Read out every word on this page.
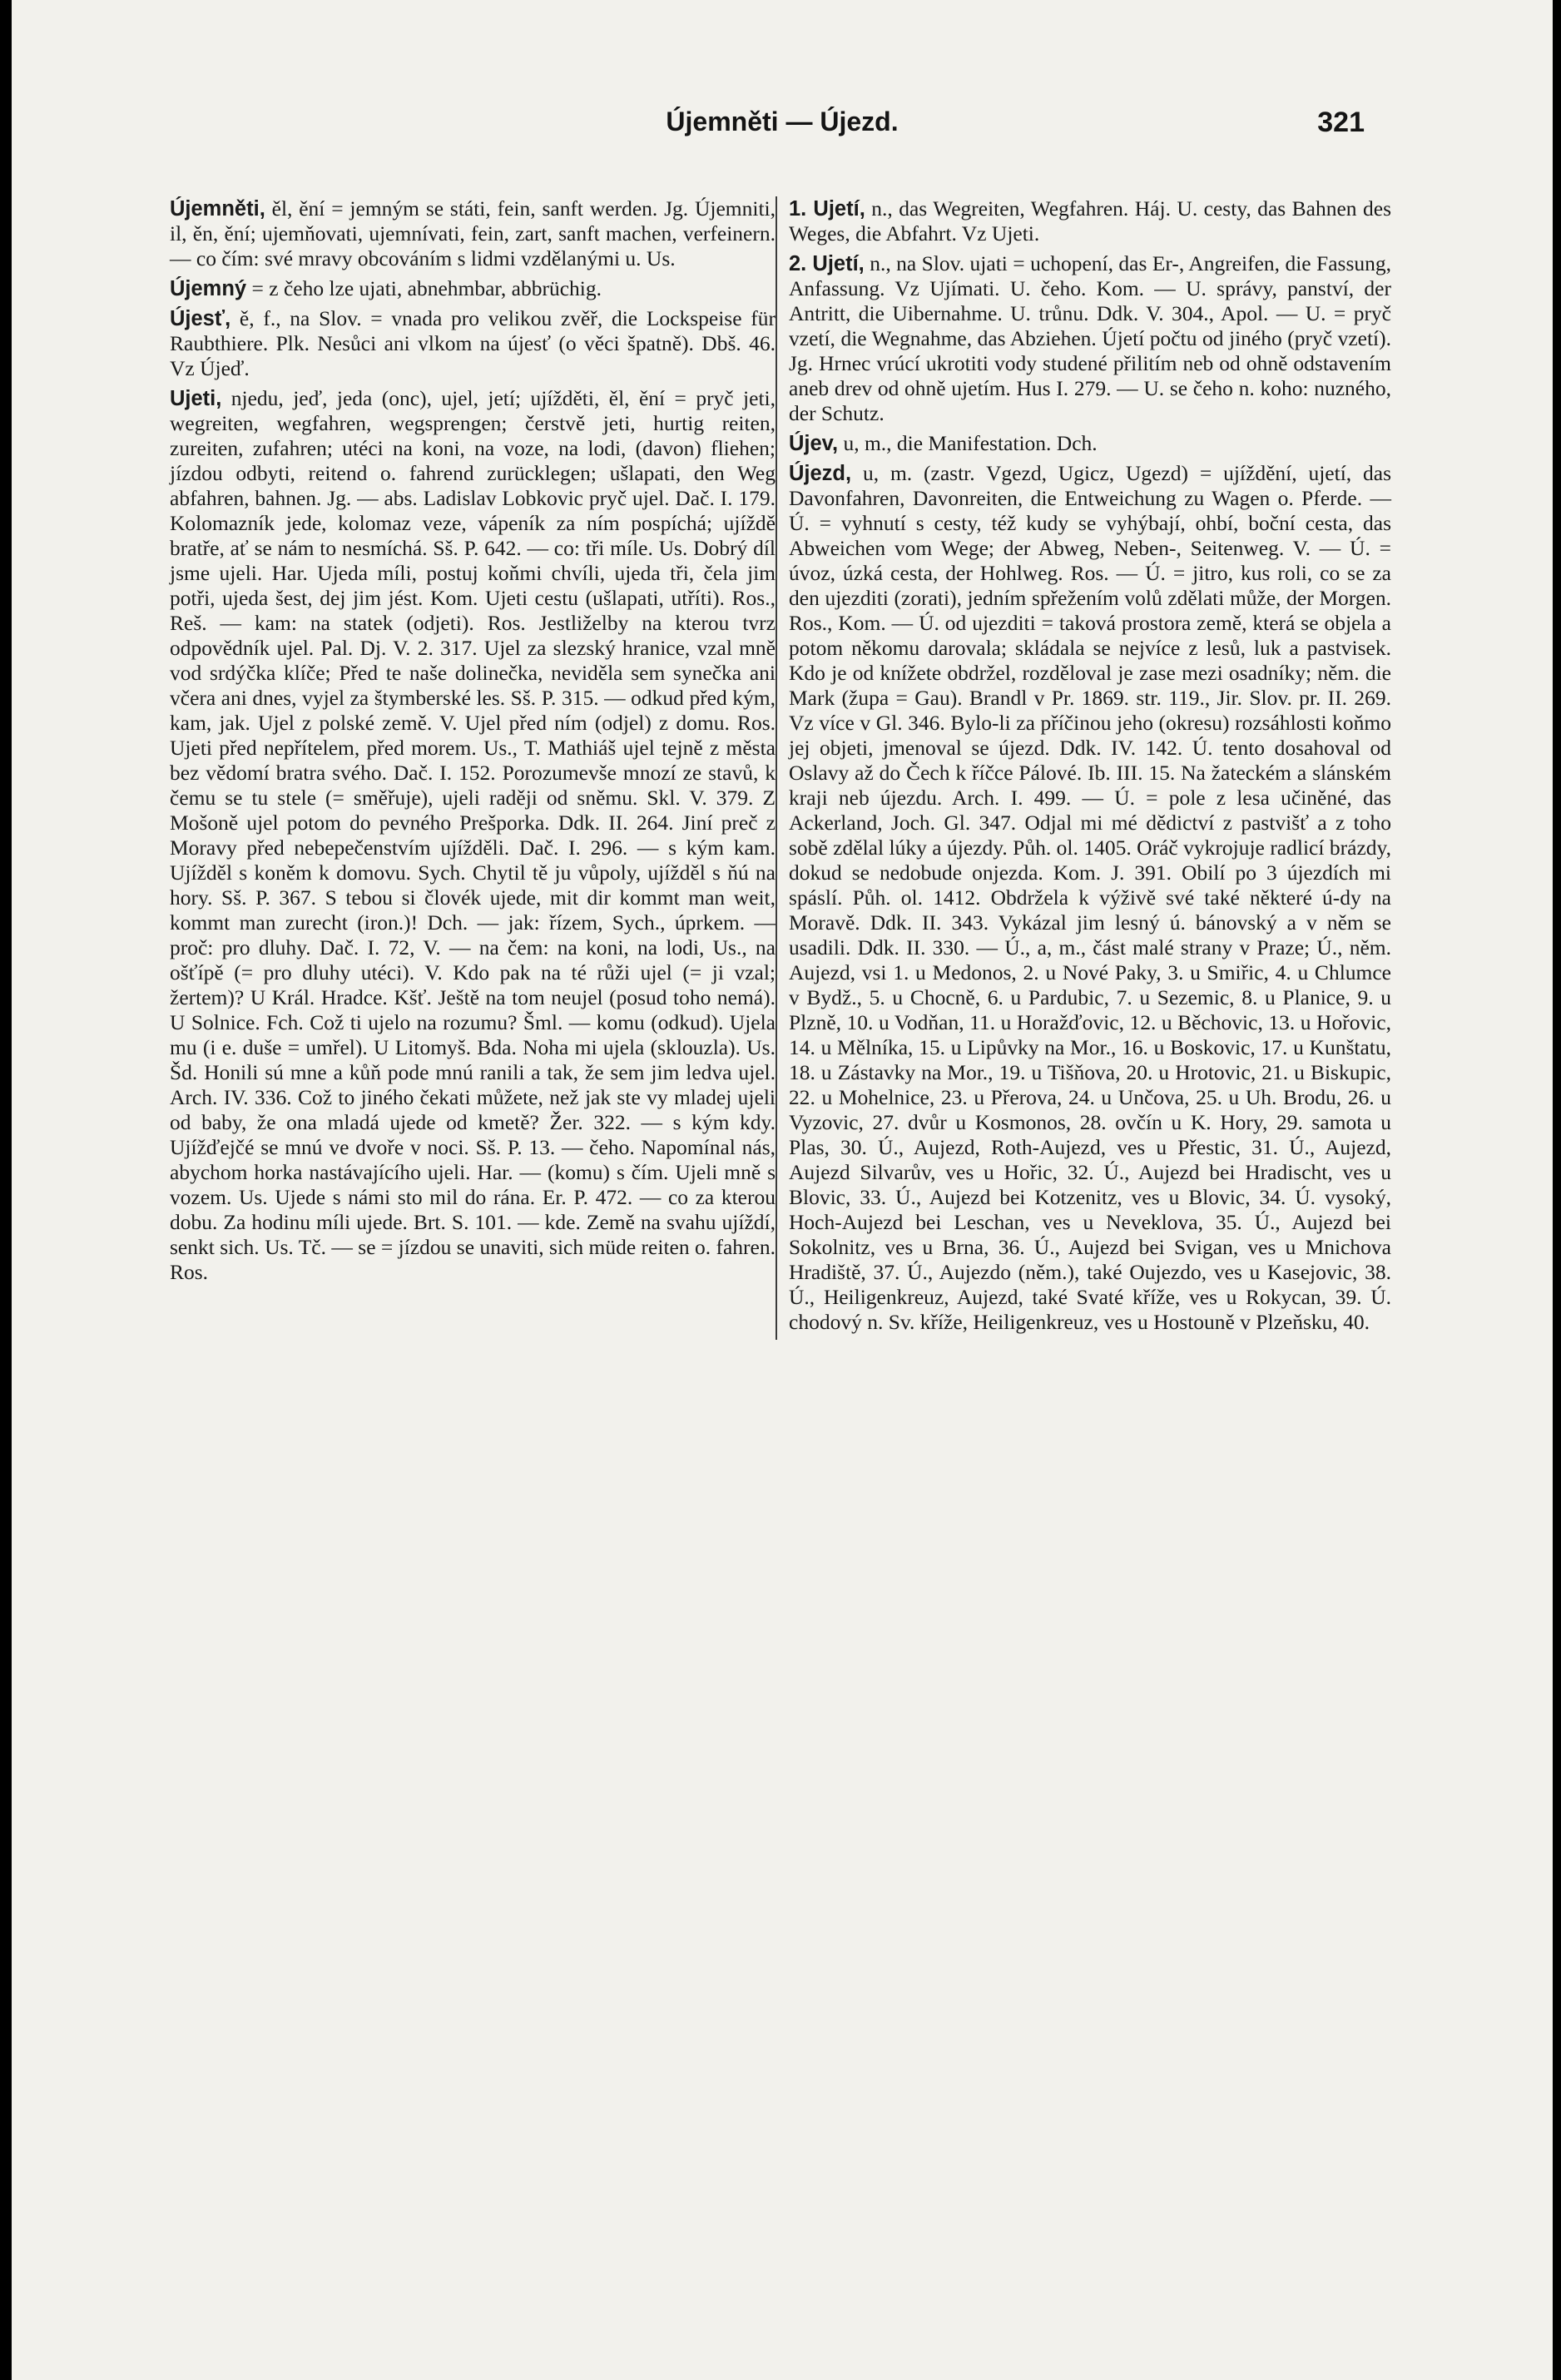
Újemněti — Újezd.	321

Újemněti, ěl, ění = jemným se státi, fein, sanft werden. Jg. Újemniti, il, ěn, ění; ujemňovati, ujemnívati, fein, zart, sanft machen, verfeinern. — co čím: své mravy obcováním s lidmi vzdělanými u. Us.

Újemný = z čeho lze ujati, abnehmbar, abbrüchig.

Újesť, ě, f., na Slov. = vnada pro velikou zvěř, die Lockspeise für Raubthiere. Plk. Nesůci ani vlkom na újesť (o věci špatně). Dbš. 46. Vz Újeď.

Ujeti, njedu, jeď, jeda (onc), ujel, jetí; ujížděti, ěl, ění = pryč jeti, wegreiten, wegfahren, wegsprengen; čerstvě jeti, hurtig reiten, zureiten, zufahren; utéci na koni, na voze, na lodi, (davon) fliehen; jízdou odbyti, reitend o. fahrend zurücklegen; ušlapati, den Weg abfahren, bahnen. Jg. — abs. Ladislav Lobkovic pryč ujel. Dač. I. 179. Kolomazník jede, kolomaz veze, vápeník za ním pospíchá; ujíždě bratře, ať se nám to nesmíchá. Sš. P. 642. — co: tři míle. Us. Dobrý díl jsme ujeli. Har. Ujeda míli, postuj koňmi chvíli, ujeda tři, čela jim potři, ujeda šest, dej jim jést. Kom. Ujeti cestu (ušlapati, utříti). Ros., Reš. — kam: na statek (odjeti). Ros. Jestliželby na kterou tvrz odpovědník ujel. Pal. Dj. V. 2. 317. Ujel za slezský hranice, vzal mně vod srdýčka klíče; Před te naše dolinečka, neviděla sem synečka ani včera ani dnes, vyjel za štymberské les. Sš. P. 315. — odkud před kým, kam, jak. Ujel z polské země. V. Ujel před ním (odjel) z domu. Ros. Ujeti před nepřítelem, před morem. Us., T. Mathiáš ujel tejně z města bez vědomí bratra svého. Dač. I. 152. Porozumevše mnozí ze stavů, k čemu se tu stele (= směřuje), ujeli raději od sněmu. Skl. V. 379. Z Mošoně ujel potom do pevného Prešporka. Ddk. II. 264. Jiní preč z Moravy před nebepečenstvím ujížděli. Dač. I. 296. — s kým kam. Ujížděl s koněm k domovu. Sych. Chytil tě ju vůpoly, ujížděl s ňú na hory. Sš. P. 367. S tebou si človék ujede, mit dir kommt man weit, kommt man zurecht (iron.)! Dch. — jak: řízem, Sych., úprkem. — proč: pro dluhy. Dač. I. 72, V. — na čem: na koni, na lodi, Us., na ošťípě (= pro dluhy utéci). V. Kdo pak na té růži ujel (= ji vzal; žertem)? U Král. Hradce. Kšť. Ještě na tom neujel (posud toho nemá). U Solnice. Fch. Což ti ujelo na rozumu? Šml. — komu (odkud). Ujela mu (i e. duše = umřel). U Litomyš. Bda. Noha mi ujela (sklouzla). Us. Šd. Honili sú mne a kůň pode mnú ranili a tak, že sem jim ledva ujel. Arch. IV. 336. Což to jiného čekati můžete, než jak ste vy mladej ujeli od baby, že ona mladá ujede od kmetě? Žer. 322. — s kým kdy. Ujížďejčé se mnú ve dvoře v noci. Sš. P. 13. — čeho. Napomínal nás, abychom horka nastávajícího ujeli. Har. — (komu) s čím. Ujeli mně s vozem. Us. Ujede s námi sto mil do rána. Er. P. 472. — co za kterou dobu. Za hodinu míli ujede. Brt. S. 101. — kde. Země na svahu ujíždí, senkt sich. Us. Tč. — se = jízdou se unaviti, sich müde reiten o. fahren. Ros.

1. Ujetí, n., das Wegreiten, Wegfahren. Háj. U. cesty, das Bahnen des Weges, die Abfahrt. Vz Ujeti.

2. Ujetí, n., na Slov. ujati = uchopení, das Er-, Angreifen, die Fassung, Anfassung. Vz Ujímati. U. čeho. Kom. — U. správy, panství, der Antritt, die Uibernahme. U. trůnu. Ddk. V. 304., Apol. — U. = pryč vzetí, die Wegnahme, das Abziehen. Újetí počtu od jiného (pryč vzetí). Jg. Hrnec vrúcí ukrotiti vody studené přilitím neb od ohně odstavením aneb drev od ohně ujetím. Hus I. 279. — U. se čeho n. koho: nuzného, der Schutz.

Újev, u, m., die Manifestation. Dch.

Újezd, u, m. (zastr. Vgezd, Ugicz, Ugezd) = ujíždění, ujetí, das Davonfahren, Davonreiten, die Entweichung zu Wagen o. Pferde. — Ú. = vyhnutí s cesty, též kudy se vyhýbají, ohbí, boční cesta, das Abweichen vom Wege; der Abweg, Neben-, Seitenweg. V. — Ú. = úvoz, úzká cesta, der Hohlweg. Ros. — Ú. = jitro, kus roli, co se za den ujezditi (zorati), jedním spřežením volů zdělati může, der Morgen. Ros., Kom. — Ú. od ujezditi = taková prostora země, která se objela a potom někomu darovala; skládala se nejvíce z lesů, luk a pastvisek. Kdo je od knížete obdržel, rozděloval je zase mezi osadníky; něm. die Mark (župa = Gau). Brandl v Pr. 1869. str. 119., Jir. Slov. pr. II. 269. Vz více v Gl. 346. Bylo-li za příčinou jeho (okresu) rozsáhlosti koňmo jej objeti, jmenoval se újezd. Ddk. IV. 142. Ú. tento dosahoval od Oslavy až do Čech k říčce Pálové. Ib. III. 15. Na žateckém a slánském kraji neb újezdu. Arch. I. 499. — Ú. = pole z lesa učiněné, das Ackerland, Joch. Gl. 347. Odjal mi mé dědictví z pastvišť a z toho sobě zdělal lúky a újezdy. Půh. ol. 1405. Oráč vykrojuje radlicí brázdy, dokud se nedobude onjezda. Kom. J. 391. Obilí po 3 újezdích mi spáslí. Půh. ol. 1412. Obdržela k výživě své také některé ú-dy na Moravě. Ddk. II. 343. Vykázal jim lesný ú. bánovský a v něm se usadili. Ddk. II. 330. — Ú., a, m., část malé strany v Praze; Ú., něm. Aujezd, vsi 1. u Medonos, 2. u Nové Paky, 3. u Smiřic, 4. u Chlumce v Bydž., 5. u Chocně, 6. u Pardubic, 7. u Sezemic, 8. u Planice, 9. u Plzně, 10. u Vodňan, 11. u Horažďovic, 12. u Běchovic, 13. u Hořovic, 14. u Mělníka, 15. u Lipůvky na Mor., 16. u Boskovic, 17. u Kunštatu, 18. u Zástavky na Mor., 19. u Tišňova, 20. u Hrotovic, 21. u Biskupic, 22. u Mohelnice, 23. u Přerova, 24. u Unčova, 25. u Uh. Brodu, 26. u Vyzovic, 27. dvůr u Kosmonos, 28. ovčín u K. Hory, 29. samota u Plas, 30. Ú., Aujezd, Roth-Aujezd, ves u Přestic, 31. Ú., Aujezd, Aujezd Silvarův, ves u Hořic, 32. Ú., Aujezd bei Hradischt, ves u Blovic, 33. Ú., Aujezd bei Kotzenitz, ves u Blovic, 34. Ú. vysoký, Hoch-Aujezd bei Leschan, ves u Neveklova, 35. Ú., Aujezd bei Sokolnitz, ves u Brna, 36. Ú., Aujezd bei Svigan, ves u Mnichova Hradiště, 37. Ú., Aujezdo (něm.), také Oujezdo, ves u Kasejovic, 38. Ú., Heiligenkreuz, Aujezd, také Svaté kříže, ves u Rokycan, 39. Ú. chodový n. Sv. kříže, Heiligenkreuz, ves u Hostouně v Plzeňsku, 40.
